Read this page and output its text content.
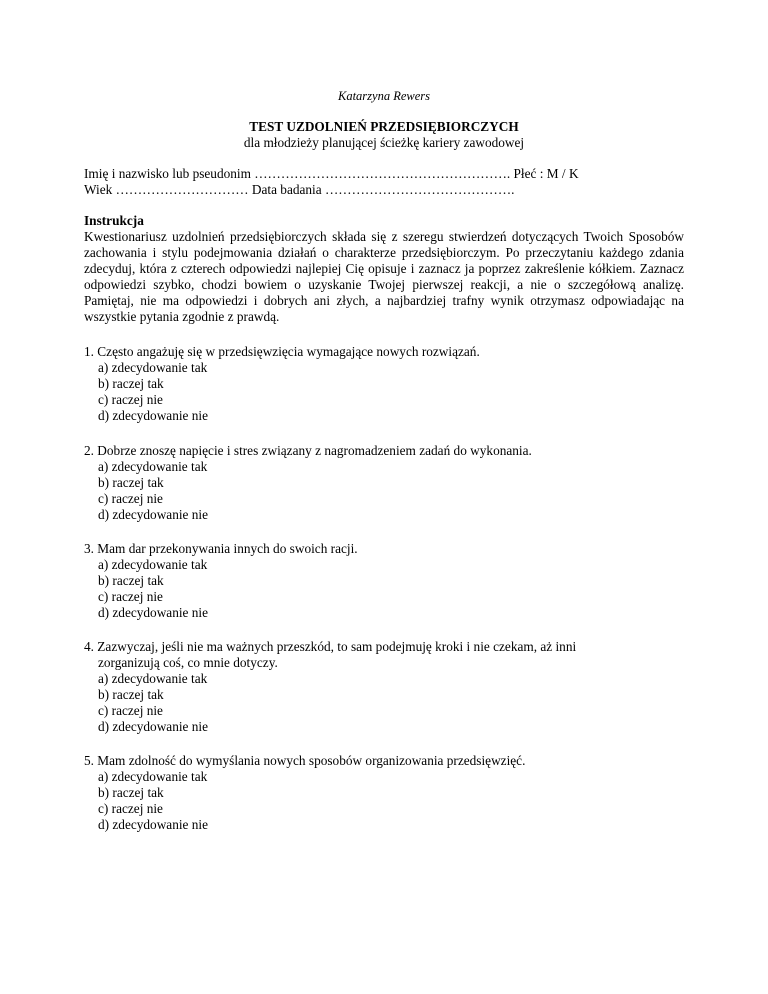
Katarzyna Rewers
TEST UZDOLNIEŃ PRZEDSIĘBIORCZYCH
dla młodzieży planującej ścieżkę kariery zawodowej
Imię i nazwisko lub pseudonim …………………………………………………. Płeć : M / K
Wiek ………………………… Data badania …………………………………….
Instrukcja
Kwestionariusz uzdolnień przedsiębiorczych składa się z szeregu stwierdzeń dotyczących Twoich Sposobów zachowania i stylu podejmowania działań o charakterze przedsiębiorczym. Po przeczytaniu każdego zdania zdecyduj, która z czterech odpowiedzi najlepiej Cię opisuje i zaznacz ja poprzez zakreślenie kółkiem. Zaznacz odpowiedzi szybko, chodzi bowiem o uzyskanie Twojej pierwszej reakcji, a nie o szczegółową analizę. Pamiętaj, nie ma odpowiedzi i dobrych ani złych, a najbardziej trafny wynik otrzymasz odpowiadając na wszystkie pytania zgodnie z prawdą.
1. Często angażuję się w przedsięwzięcia wymagające nowych rozwiązań.
a) zdecydowanie tak
b) raczej tak
c) raczej nie
d) zdecydowanie nie
2. Dobrze znoszę napięcie i stres związany z nagromadzeniem zadań do wykonania.
a) zdecydowanie tak
b) raczej tak
c) raczej nie
d) zdecydowanie nie
3. Mam dar przekonywania innych do swoich racji.
a) zdecydowanie tak
b) raczej tak
c) raczej nie
d) zdecydowanie nie
4. Zazwyczaj, jeśli nie ma ważnych przeszkód, to sam podejmuję kroki i nie czekam, aż inni
zorganizują coś, co mnie dotyczy.
a) zdecydowanie tak
b) raczej tak
c) raczej nie
d) zdecydowanie nie
5. Mam zdolność do wymyślania nowych sposobów organizowania przedsięwzięć.
a) zdecydowanie tak
b) raczej tak
c) raczej nie
d) zdecydowanie nie
